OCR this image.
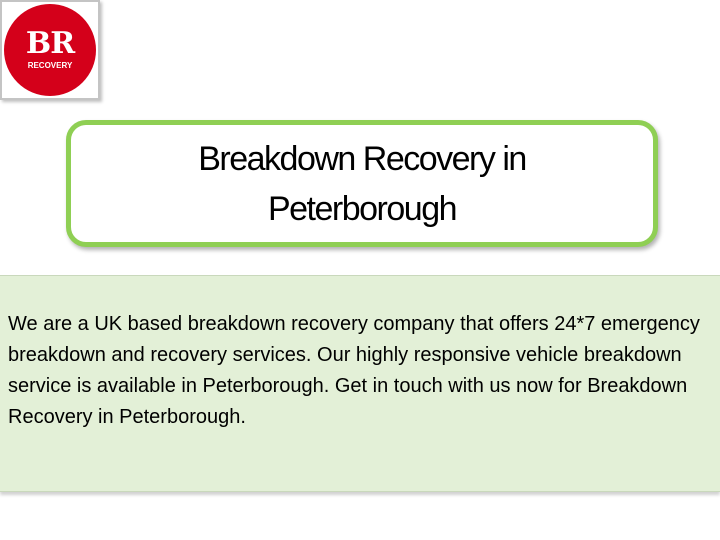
BR
RECOVERY
Breakdown Recovery in Peterborough

We are a UK based breakdown recovery company that offers 24*7 emergency breakdown and recovery services. Our highly responsive vehicle breakdown service is available in Peterborough. Get in touch with us now for Breakdown Recovery in Peterborough.
